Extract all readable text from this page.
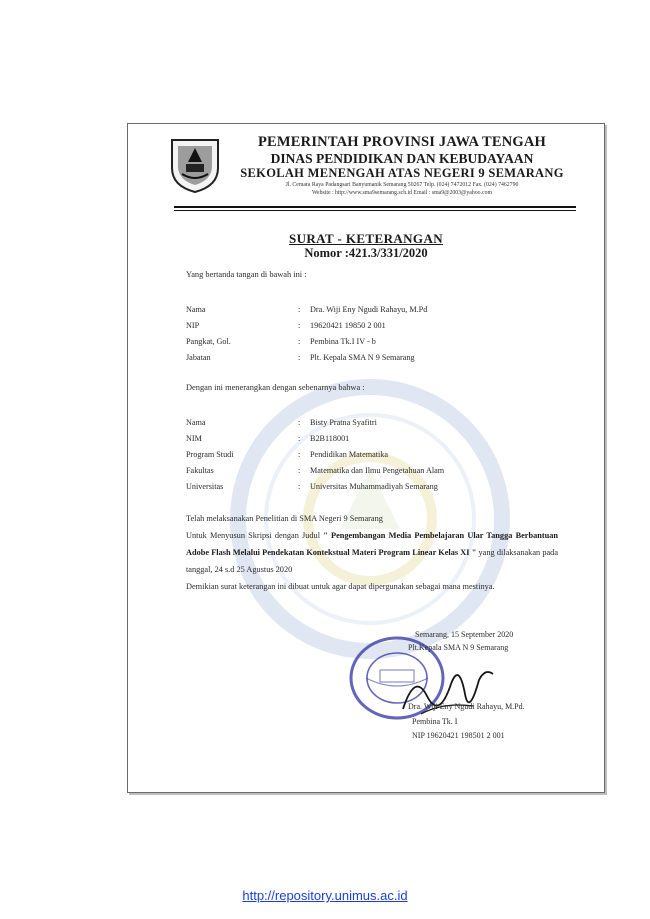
PEMERINTAH PROVINSI JAWA TENGAH
DINAS PENDIDIKAN DAN KEBUDAYAAN
SEKOLAH MENENGAH ATAS NEGERI 9 SEMARANG
Jl. Cemara Raya Padangsari Banyumanik Semarang 50267 Telp. (024) 7472012 Fax. (024) 7462790
Website : http://www.sma9semarang.sch.id Email : sma9@2003@yahoo.com
SURAT - KETERANGAN
Nomor :421.3/331/2020
Yang bertanda tangan di bawah ini :
Nama	: Dra. Wiji Eny Ngudi Rahayu, M.Pd
NIP	: 19620421 19850 2 001
Pangkat, Gol.	: Pembina Tk.I IV - b
Jabatan	: Plt. Kepala SMA N 9 Semarang
Dengan ini menerangkan dengan sebenarnya bahwa :
Nama	: Bisty Pratna Syafitri
NIM	: B2B118001
Program Studi	: Pendidikan Matematika
Fakultas	: Matematika dan Ilmu Pengetahuan Alam
Universitas	: Universitas Muhammadiyah Semarang
Telah melaksanakan Penelitian di SMA Negeri 9 Semarang
Untuk Menyusun Skripsi dengan Judul " Pengembangan Media Pembelajaran Ular Tangga Berbantuan Adobe Flash Melalui Pendekatan Kontekstual Materi Program Linear Kelas XI " yang dilaksanakan pada tanggal, 24 s.d 25 Agustus 2020
Demikian surat keterangan ini dibuat untuk agar dapat dipergunakan sebagai mana mestinya.
Semarang, 15 September 2020
Plt.Kepala SMA N 9 Semarang
Dra. Wiji Eny Ngudi Rahayu, M.Pd.
Pembina Tk. I
NIP 19620421 198501 2 001
http://repository.unimus.ac.id
